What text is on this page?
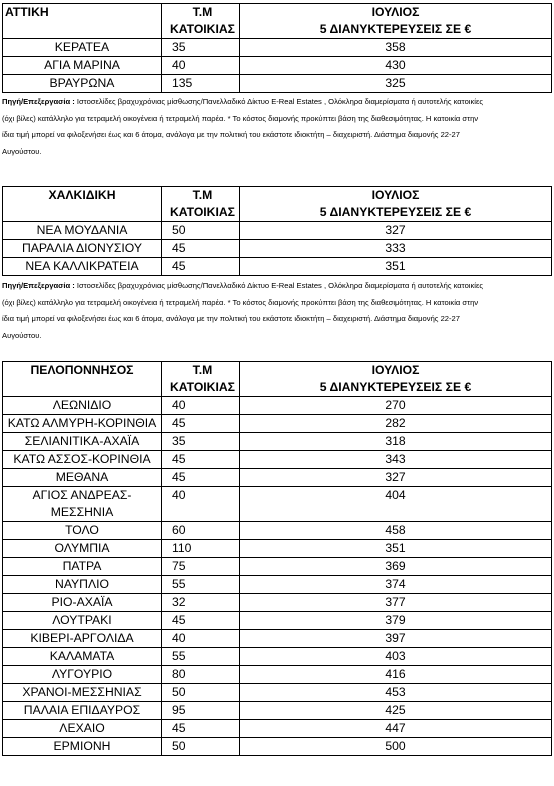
ΑΤΤΙΚΗ	Τ.Μ ΚΑΤΟΙΚΙΑΣ	ΙΟΥΛΙΟΣ
5 ΔΙΑΝΥΚΤΕΡΕΥΣΕΙΣ ΣΕ €
ΚΕΡΑΤΕΑ	35	358
ΑΓΙΑ ΜΑΡΙΝΑ	40	430
ΒΡΑΥΡΩΝΑ	135	325
Πηγή/Επεξεργασία : Ιστοσελίδες βραχυχρόνιας μίσθωσης/Πανελλαδικό Δίκτυο E-Real Estates , Ολόκληρα διαμερίσματα ή αυτοτελής κατοικίες
(όχι βίλες) κατάλληλο για τετραμελή οικογένεια ή τετραμελή παρέα. * Το κόστος διαμονής προκύπτει βάση της διαθεσιμότητας. Η κατοικία στην
ίδια τιμή μπορεί να φιλοξενήσει έως και 6 άτομα, ανάλογα με την πολιτική του εκάστοτε ιδιοκτήτη – διαχειριστή. Διάστημα διαμονής 22-27
Αυγούστου.
ΧΑΛΚΙΔΙΚΗ	Τ.Μ ΚΑΤΟΙΚΙΑΣ	ΙΟΥΛΙΟΣ
5 ΔΙΑΝΥΚΤΕΡΕΥΣΕΙΣ ΣΕ €
ΝΕΑ ΜΟΥΔΑΝΙΑ	50	327
ΠΑΡΑΛΙΑ ΔΙΟΝΥΣΙΟΥ	45	333
ΝΕΑ ΚΑΛΛΙΚΡΑΤΕΙΑ	45	351
Πηγή/Επεξεργασία : Ιστοσελίδες βραχυχρόνιας μίσθωσης/Πανελλαδικό Δίκτυο E-Real Estates , Ολόκληρα διαμερίσματα ή αυτοτελής κατοικίες
(όχι βίλες) κατάλληλο για τετραμελή οικογένεια ή τετραμελή παρέα. * Το κόστος διαμονής προκύπτει βάση της διαθεσιμότητας. Η κατοικία στην
ίδια τιμή μπορεί να φιλοξενήσει έως και 6 άτομα, ανάλογα με την πολιτική του εκάστοτε ιδιοκτήτη – διαχειριστή. Διάστημα διαμονής 22-27
Αυγούστου.
ΠΕΛΟΠΟΝΝΗΣΟΣ	Τ.Μ ΚΑΤΟΙΚΙΑΣ	ΙΟΥΛΙΟΣ
5 ΔΙΑΝΥΚΤΕΡΕΥΣΕΙΣ ΣΕ €
ΛΕΩΝΙΔΙΟ	40	270
ΚΑΤΩ ΑΛΜΥΡΗ-ΚΟΡΙΝΘΙΑ	45	282
ΣΕΛΙΑΝΙΤΙΚΑ-ΑΧΑΪΑ	35	318
ΚΑΤΩ ΑΣΣΟΣ-ΚΟΡΙΝΘΙΑ	45	343
ΜΕΘΑΝΑ	45	327
ΑΓΙΟΣ ΑΝΔΡΕΑΣ-ΜΕΣΣΗΝΙΑ	40	404
ΤΟΛΟ	60	458
ΟΛΥΜΠΙΑ	110	351
ΠΑΤΡΑ	75	369
ΝΑΥΠΛΙΟ	55	374
ΡΙΟ-ΑΧΑΪΑ	32	377
ΛΟΥΤΡΑΚΙ	45	379
ΚΙΒΕΡΙ-ΑΡΓΟΛΙΔΑ	40	397
ΚΑΛΑΜΑΤΑ	55	403
ΛΥΓΟΥΡΙΟ	80	416
ΧΡΑΝΟΙ-ΜΕΣΣΗΝΙΑΣ	50	453
ΠΑΛΑΙΑ ΕΠΙΔΑΥΡΟΣ	95	425
ΛΕΧΑΙΟ	45	447
ΕΡΜΙΟΝΗ	50	500
